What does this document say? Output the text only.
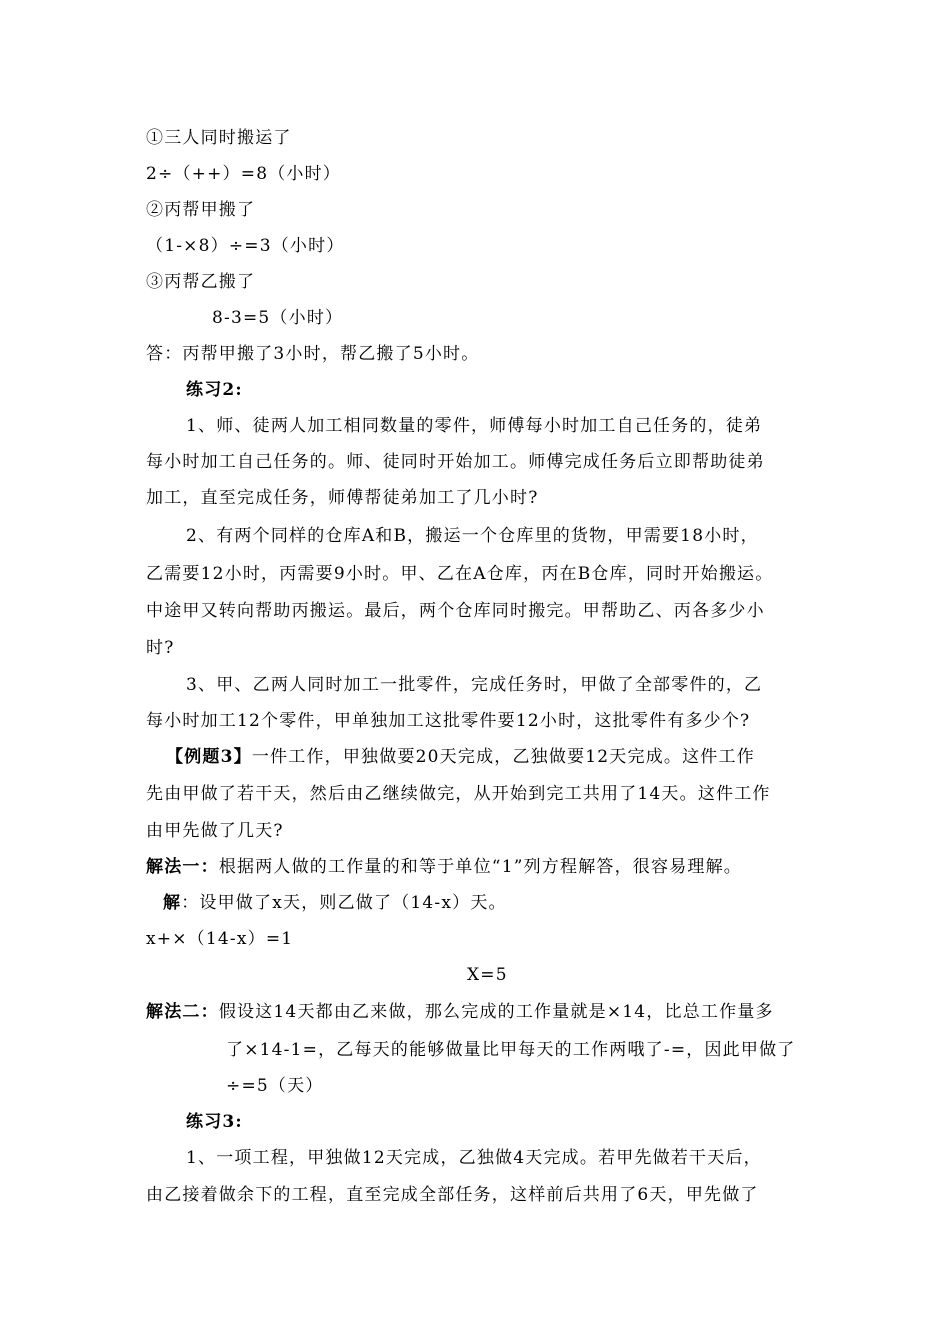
①三人同时搬运了
2÷（++）=8（小时）
②丙帮甲搬了
（1-×8）÷=3（小时）
③丙帮乙搬了
8-3=5（小时）
答：丙帮甲搬了3小时，帮乙搬了5小时。
练习2:
1、师、徒两人加工相同数量的零件，师傅每小时加工自己任务的，徒弟
每小时加工自己任务的。师、徒同时开始加工。师傅完成任务后立即帮助徒弟
加工，直至完成任务，师傅帮徒弟加工了几小时?
2、有两个同样的仓库A和B，搬运一个仓库里的货物，甲需要18小时，
乙需要12小时，丙需要9小时。甲、乙在A仓库，丙在B仓库，同时开始搬运。
中途甲又转向帮助丙搬运。最后，两个仓库同时搬完。甲帮助乙、丙各多少小
时?
3、甲、乙两人同时加工一批零件，完成任务时，甲做了全部零件的，乙
每小时加工12个零件，甲单独加工这批零件要12小时，这批零件有多少个?
【例题3】一件工作，甲独做要20天完成，乙独做要12天完成。这件工作
先由甲做了若干天，然后由乙继续做完，从开始到完工共用了14天。这件工作
由甲先做了几天?
解法一：根据两人做的工作量的和等于单位“1”列方程解答，很容易理解。
解：设甲做了x天，则乙做了（14-x）天。
x+×（14-x）=1
X=5
解法二：假设这14天都由乙来做，那么完成的工作量就是×14，比总工作量多
了×14-1=，乙每天的能够做量比甲每天的工作两哦了-=，因此甲做了
÷=5（天）
练习3:
1、一项工程，甲独做12天完成，乙独做4天完成。若甲先做若干天后，
由乙接着做余下的工程，直至完成全部任务，这样前后共用了6天，甲先做了
